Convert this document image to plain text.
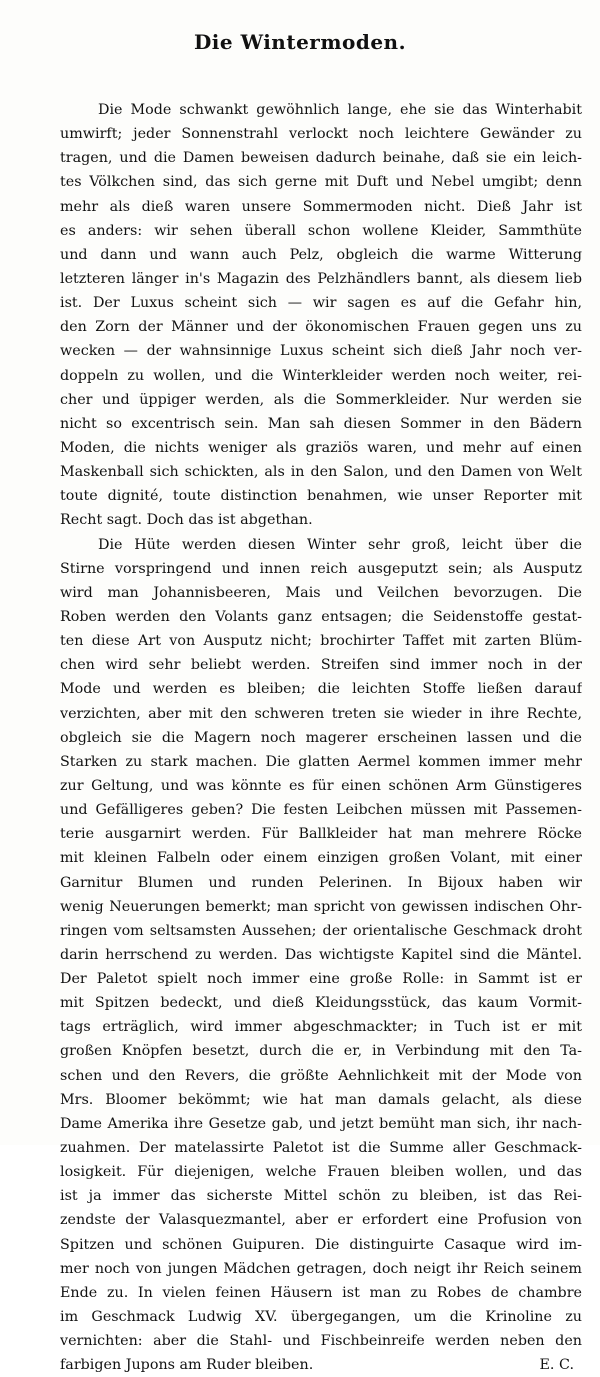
Die Wintermoden.
Die Mode schwankt gewöhnlich lange, ehe sie das Winterhabit
umwirft; jeder Sonnenstrahl verlockt noch leichtere Gewänder zu
tragen, und die Damen beweisen dadurch beinahe, daß sie ein leich-
tes Völkchen sind, das sich gerne mit Duft und Nebel umgibt; denn
mehr als dieß waren unsere Sommermoden nicht. Dieß Jahr ist
es anders: wir sehen überall schon wollene Kleider, Sammthüte
und dann und wann auch Pelz, obgleich die warme Witterung
letzteren länger in's Magazin des Pelzhändlers bannt, als diesem lieb
ist. Der Luxus scheint sich — wir sagen es auf die Gefahr hin,
den Zorn der Männer und der ökonomischen Frauen gegen uns zu
wecken — der wahnsinnige Luxus scheint sich dieß Jahr noch ver-
doppeln zu wollen, und die Winterkleider werden noch weiter, rei-
cher und üppiger werden, als die Sommerkleider. Nur werden sie
nicht so excentrisch sein. Man sah diesen Sommer in den Bädern
Moden, die nichts weniger als graziös waren, und mehr auf einen
Maskenball sich schickten, als in den Salon, und den Damen von Welt
toute dignité, toute distinction benahmen, wie unser Reporter mit
Recht sagt. Doch das ist abgethan.
Die Hüte werden diesen Winter sehr groß, leicht über die
Stirne vorspringend und innen reich ausgeputzt sein; als Ausputz
wird man Johannisbeeren, Mais und Veilchen bevorzugen. Die
Roben werden den Volants ganz entsagen; die Seidenstoffe gestat-
ten diese Art von Ausputz nicht; brochirter Taffet mit zarten Blüm-
chen wird sehr beliebt werden. Streifen sind immer noch in der
Mode und werden es bleiben; die leichten Stoffe ließen darauf
verzichten, aber mit den schweren treten sie wieder in ihre Rechte,
obgleich sie die Magern noch magerer erscheinen lassen und die
Starken zu stark machen. Die glatten Aermel kommen immer mehr
zur Geltung, und was könnte es für einen schönen Arm Günstigeres
und Gefälligeres geben? Die festen Leibchen müssen mit Passemen-
terie ausgarnirt werden. Für Ballkleider hat man mehrere Röcke
mit kleinen Falbeln oder einem einzigen großen Volant, mit einer
Garnitur Blumen und runden Pelerinen. In Bijoux haben wir
wenig Neuerungen bemerkt; man spricht von gewissen indischen Ohr-
ringen vom seltsamsten Aussehen; der orientalische Geschmack droht
darin herrschend zu werden. Das wichtigste Kapitel sind die Mäntel.
Der Paletot spielt noch immer eine große Rolle: in Sammt ist er
mit Spitzen bedeckt, und dieß Kleidungsstück, das kaum Vormit-
tags erträglich, wird immer abgeschmackter; in Tuch ist er mit
großen Knöpfen besetzt, durch die er, in Verbindung mit den Ta-
schen und den Revers, die größte Aehnlichkeit mit der Mode von
Mrs. Bloomer bekömmt; wie hat man damals gelacht, als diese
Dame Amerika ihre Gesetze gab, und jetzt bemüht man sich, ihr nach-
zuahmen. Der matelassirte Paletot ist die Summe aller Geschmack-
losigkeit. Für diejenigen, welche Frauen bleiben wollen, und das
ist ja immer das sicherste Mittel schön zu bleiben, ist das Rei-
zendste der Valasquezmantel, aber er erfordert eine Profusion von
Spitzen und schönen Guipuren. Die distinguirte Casaque wird im-
mer noch von jungen Mädchen getragen, doch neigt ihr Reich seinem
Ende zu. In vielen feinen Häusern ist man zu Robes de chambre
im Geschmack Ludwig XV. übergegangen, um die Krinoline zu
vernichten: aber die Stahl- und Fischbeinreife werden neben den
farbigen Jupons am Ruder bleiben.	E. C.
